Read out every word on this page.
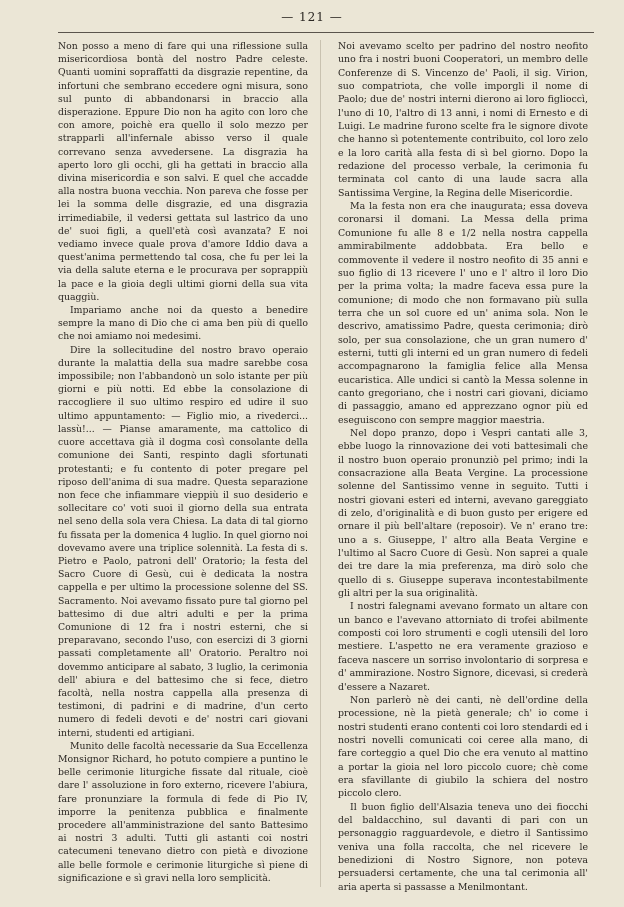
— 121 —

Non posso a meno di fare qui una riflessione sulla misericordiosa bontà del nostro Padre celeste. Quanti uomini sopraffatti da disgrazie repentine, da infortuni che sembrano eccedere ogni misura, sono sul punto di abbandonarsi in braccio alla disperazione. Eppure Dio non ha agito con loro che con amore, poichè era quello il solo mezzo per strapparli all'infernale abisso verso il quale correvano senza avvedersene. La disgrazia ha aperto loro gli occhi, gli ha gettati in braccio alla divina misericordia e son salvi. E quel che accadde alla nostra buona vecchia. Non pareva che fosse per lei la somma delle disgrazie, ed una disgrazia irrimediabile, il vedersi gettata sul lastrico da uno de' suoi figli, a quell'età così avanzata? E noi vediamo invece quale prova d'amore Iddio dava a quest'anima permettendo tal cosa, che fu per lei la via della salute eterna e le procurava per soprappiù la pace e la gioia degli ultimi giorni della sua vita quaggiù.

Impariamo anche noi da questo a benedire sempre la mano di Dio che ci ama ben più di quello che noi amiamo noi medesimi.

Dire la sollecitudine del nostro bravo operaio durante la malattia della sua madre sarebbe cosa impossibile; non l'abbandonò un solo istante per più giorni e più notti. Ed ebbe la consolazione di raccogliere il suo ultimo respiro ed udire il suo ultimo appuntamento: — Figlio mio, a rivederci... lassù!... — Pianse amaramente, ma cattolico di cuore accettava già il dogma così consolante della comunione dei Santi, respinto dagli sfortunati protestanti; e fu contento di poter pregare pel riposo dell'anima di sua madre. Questa separazione non fece che infiammare vieppiù il suo desiderio e sollecitare co' voti suoi il giorno della sua entrata nel seno della sola vera Chiesa. La data di tal giorno fu fissata per la domenica 4 luglio. In quel giorno noi dovevamo avere una triplice solennità. La festa di s. Pietro e Paolo, patroni dell' Oratorio; la festa del Sacro Cuore di Gesù, cui è dedicata la nostra cappella e per ultimo la processione solenne del SS. Sacramento. Noi avevamo fissato pure tal giorno pel battesimo di due altri adulti e per la prima Comunione di 12 fra i nostri esterni, che si preparavano, secondo l'uso, con esercizi di 3 giorni passati completamente all' Oratorio. Peraltro noi dovemmo anticipare al sabato, 3 luglio, la cerimonia dell' abiura e del battesimo che si fece, dietro facoltà, nella nostra cappella alla presenza di testimoni, di padrini e di madrine, d'un certo numero di fedeli devoti e de' nostri cari giovani interni, studenti ed artigiani.

Munito delle facoltà necessarie da Sua Eccellenza Monsignor Richard, ho potuto compiere a puntino le belle cerimonie liturgiche fissate dal rituale, cioè dare l' assoluzione in foro externo, ricevere l'abiura, fare pronunziare la formula di fede di Pio IV, imporre la penitenza pubblica e finalmente procedere all'amministrazione del santo Battesimo ai nostri 3 adulti. Tutti gli astanti coi nostri catecumeni tenevano dietro con pietà e divozione alle belle formole e cerimonie liturgiche sì piene di significazione e sì gravi nella loro semplicità.

Noi avevamo scelto per padrino del nostro neofito uno fra i nostri buoni Cooperatori, un membro delle Conferenze di S. Vincenzo de' Paoli, il sig. Virion, suo compatriota, che volle imporgli il nome di Paolo; due de' nostri interni dierono ai loro figlioccì, l'uno di 10, l'altro di 13 anni, i nomi di Ernesto e di Luigi. Le madrine furono scelte fra le signore divote che hanno sì potentemente contribuito, col loro zelo e la loro carità alla festa di sì bel giorno. Dopo la redazione del processo verbale, la cerimonia fu terminata col canto di una laude sacra alla Santissima Vergine, la Regina delle Misericordie.

Ma la festa non era che inaugurata; essa doveva coronarsi il domani. La Messa della prima Comunione fu alle 8 e 1/2 nella nostra cappella ammirabilmente addobbata. Era bello e commovente il vedere il nostro neofito di 35 anni e suo figlio di 13 ricevere l' uno e l' altro il loro Dio per la prima volta; la madre faceva essa pure la comunione; di modo che non formavano più sulla terra che un sol cuore ed un' anima sola. Non le descrivo, amatissimo Padre, questa cerimonia; dirò solo, per sua consolazione, che un gran numero d' esterni, tutti gli interni ed un gran numero di fedeli accompagnarono la famiglia felice alla Mensa eucaristica. Alle undici si cantò la Messa solenne in canto gregoriano, che i nostri cari giovani, diciamo di passaggio, amano ed apprezzano ognor più ed eseguiscono con sempre maggior maestria.

Nel dopo pranzo, dopo i Vespri cantati alle 3, ebbe luogo la rinnovazione dei voti battesimali che il nostro buon operaio pronunziò pel primo; indi la consacrazione alla Beata Vergine. La processione solenne del Santissimo venne in seguito. Tutti i nostri giovani esteri ed interni, avevano gareggiato di zelo, d'originalità e di buon gusto per erigere ed ornare il più bell'altare (reposoir). Ve n' erano tre: uno a s. Giuseppe, l' altro alla Beata Vergine e l'ultimo al Sacro Cuore di Gesù. Non saprei a quale dei tre dare la mia preferenza, ma dirò solo che quello di s. Giuseppe superava incontestabilmente gli altri per la sua originalità.

I nostri falegnami avevano formato un altare con un banco e l'avevano attorniato di trofei abilmente composti coi loro strumenti e cogli utensili del loro mestiere. L'aspetto ne era veramente grazioso e faceva nascere un sorriso involontario di sorpresa e d' ammirazione. Nostro Signore, dicevasi, si crederà d'essere a Nazaret.

Non parlerò nè dei canti, nè dell'ordine della processione, nè la pietà generale; ch' io come i nostri studenti erano contenti coi loro stendardi ed i nostri novelli comunicati coi ceree alla mano, di fare corteggio a quel Dio che era venuto al mattino a portar la gioia nel loro piccolo cuore; chè come era sfavillante di giubilo la schiera del nostro piccolo clero.

Il buon figlio dell'Alsazia teneva uno dei fiocchi del baldacchino, sul davanti di pari con un personaggio ragguardevole, e dietro il Santissimo veniva una folla raccolta, che nel ricevere le benedizioni di Nostro Signore, non poteva persuadersi certamente, che una tal cerimonia all' aria aperta si passasse a Menilmontant.
